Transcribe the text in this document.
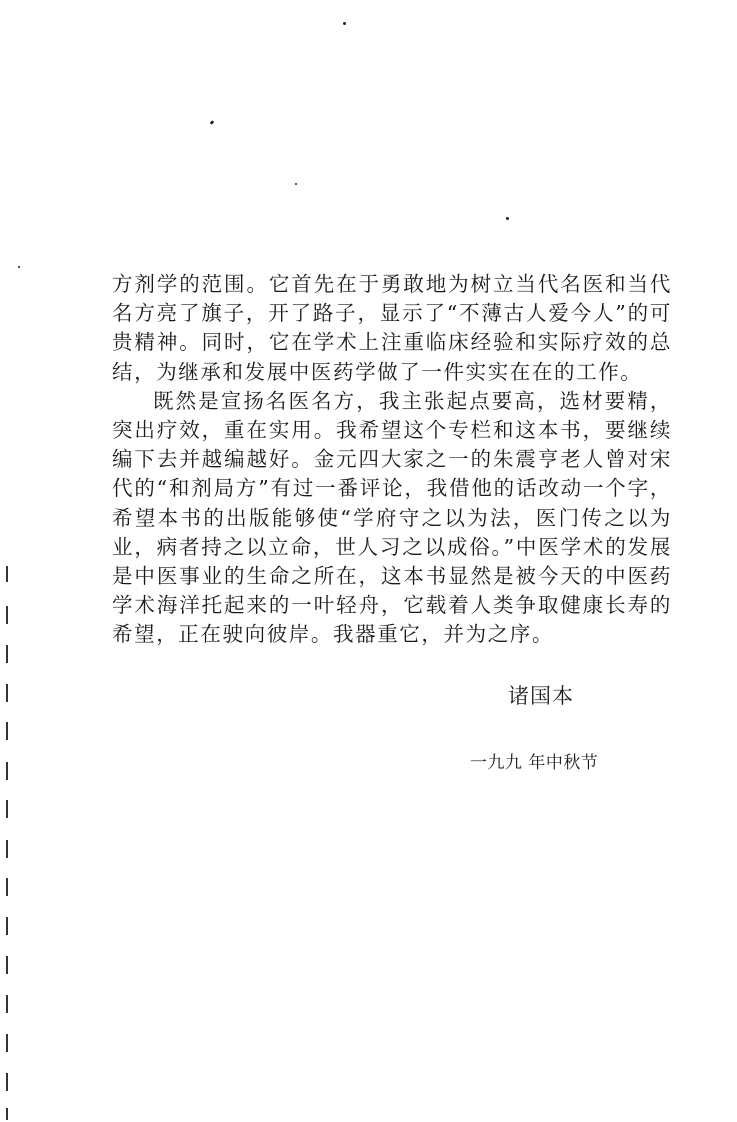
方剂学的范围。它首先在于勇敢地为树立当代名医和当代名方亮了旗子，开了路子，显示了“不薄古人爱今人”的可贵精神。同时，它在学术上注重临床经验和实际疗效的总结，为继承和发展中医药学做了一件实实在在的工作。

既然是宣扬名医名方，我主张起点要高，选材要精，突出疗效，重在实用。我希望这个专栏和这本书，要继续编下去并越编越好。金元四大家之一的朱震亨老人曾对宋代的“和剂局方”有过一番评论，我借他的话改动一个字，希望本书的出版能够使“学府守之以为法，医门传之以为业，病者持之以立命，世人习之以成俗。”中医学术的发展是中医事业的生命之所在，这本书显然是被今天的中医药学术海洋托起来的一叶轻舟，它载着人类争取健康长寿的希望，正在驶向彼岸。我器重它，并为之序。

诸国本
一九九 年中秋节
